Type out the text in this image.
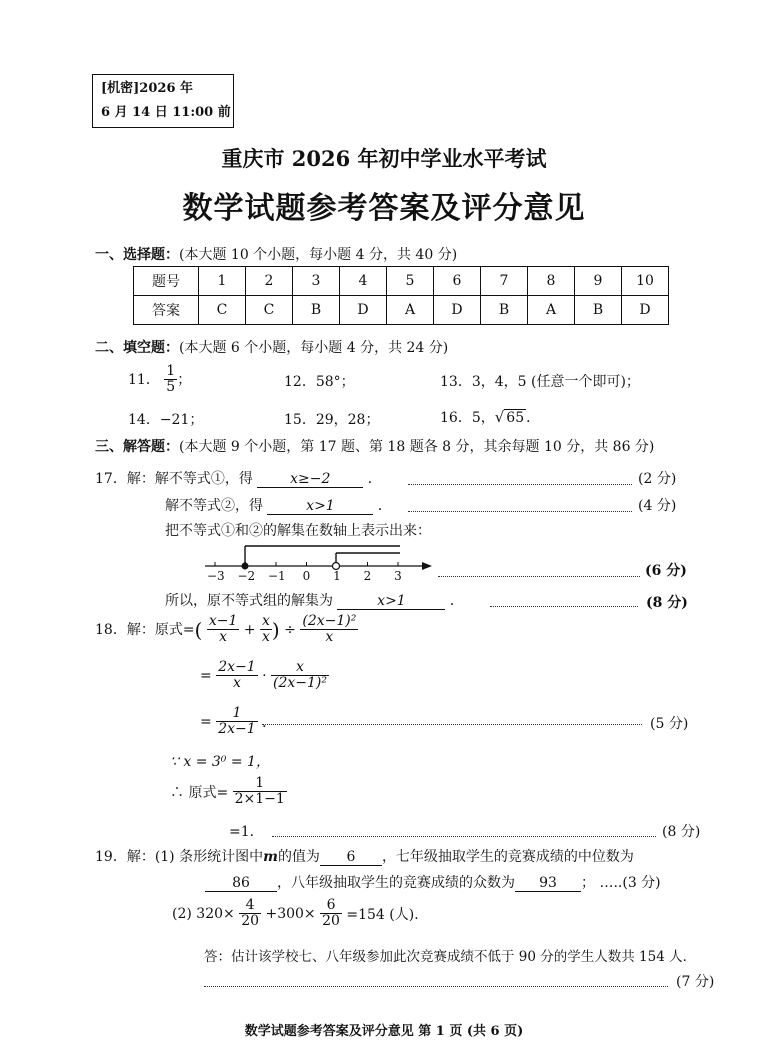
[机密]2026 年
6 月 14 日 11:00 前
重庆市 2026 年初中学业水平考试
数学试题参考答案及评分意见
一、选择题：(本大题 10 个小题，每小题 4 分，共 40 分)
题号	1	2	3	4	5	6	7	8	9	10
答案	C	C	B	D	A	D	B	A	B	D
二、填空题：(本大题 6 个小题，每小题 4 分，共 24 分)
11． $\frac{1}{5}$ ；	12．58°；	13．3，4，5 (任意一个即可)；
14．−21；	15．29，28；	16．5，√ 65 ．
三、解答题：(本大题 9 个小题，第 17 题、第 18 题各 8 分，其余每题 10 分，共 86 分)
17．解：解不等式①，得	x≥−2	．	(2 分)
解不等式②，得	x>1	．	(4 分)
把不等式①和②的解集在数轴上表示出来：
−3 −2 −1	0	1	2	3	(6 分)
所以，原不等式组的解集为	x>1	．	(8 分)
18．解：原式=( $\frac{x-1}{x} + \frac{x}{x}$ ) ÷ $\frac{\text{(2x−1)²}}{x}$
= $\frac{2x-1}{x} \cdot \frac{x}{\text{(2x−1)²}}$
= $\frac{1}{2x-1}$ ．	(5 分)
∵ x = 3⁰ = 1，
∴ 原式= $\frac{1}{2\times 1-1}$
=1．	(8 分)
19．解：(1) 条形统计图中m的值为 6 ，七年级抽取学生的竞赛成绩的中位数为
86 ，八年级抽取学生的竞赛成绩的众数为 93 ； …..(3 分)
(2) $320\times \frac{4}{20} +300\times \frac{6}{20} =154$ (人)．
答：估计该学校七、八年级参加此次竞赛成绩不低于 90 分的学生人数共 154 人．
(7 分)
数学试题参考答案及评分意见 第 1 页 (共 6 页)
